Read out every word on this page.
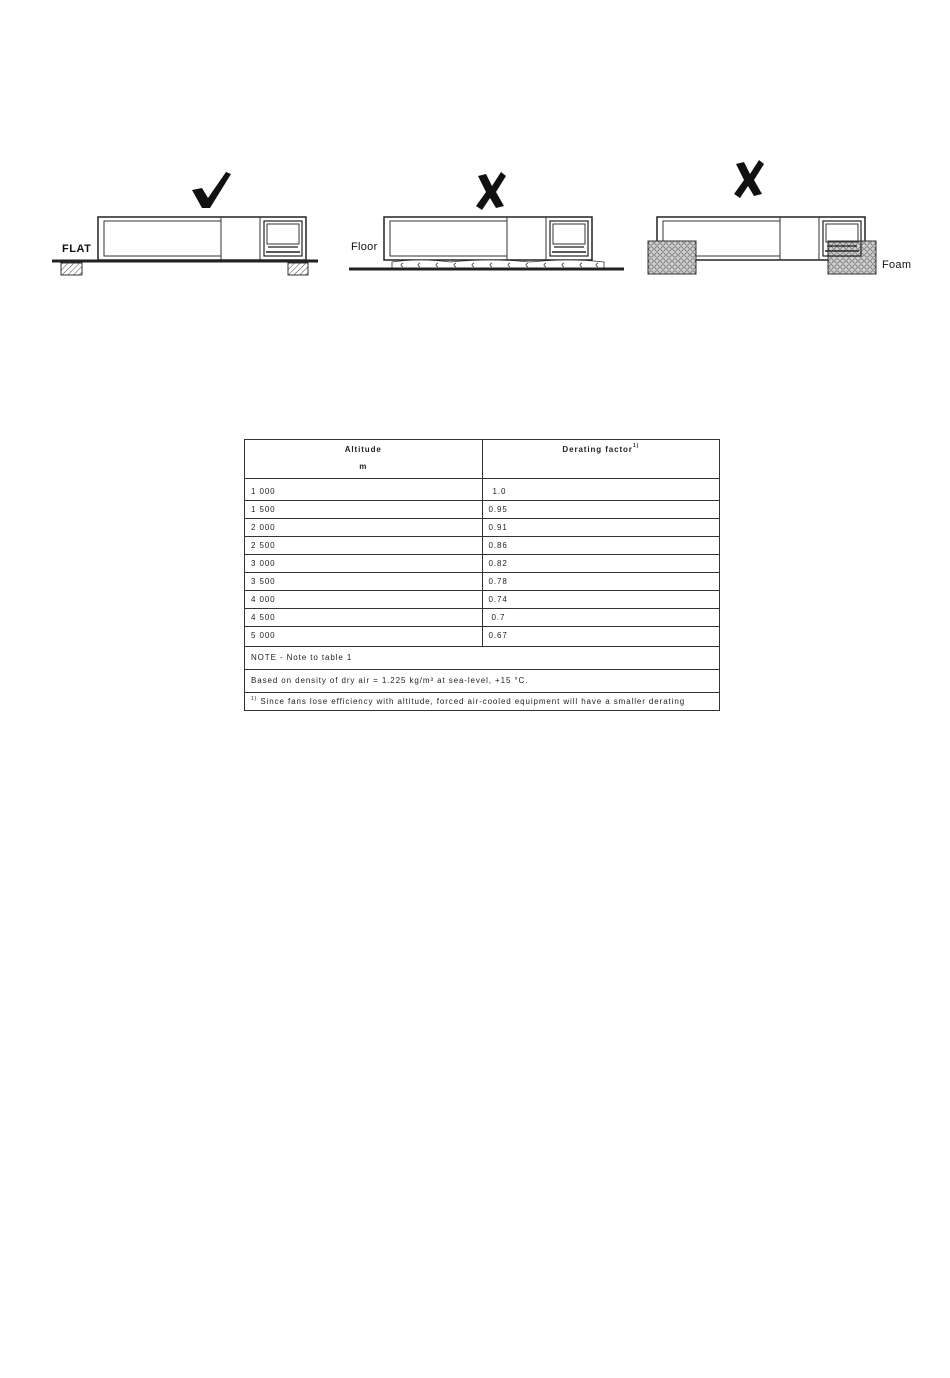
FLAT	Floor
Foam
Altitude
m	Derating factor$^{1)}$
1 000	1.0
1 500	0.95
2 000	0.91
2 500	0.86
3 000	0.82
3 500	0.78
4 000	0.74
4 500	0.7
5 000	0.67
NOTE - Note to table 1	
Based on density of dry air = 1.225 kg/m³ at sea-level, +15 °C.	
$^{1)}$ Since fans lose efficiency with altitude, forced air-cooled equipment will have a smaller derating	
